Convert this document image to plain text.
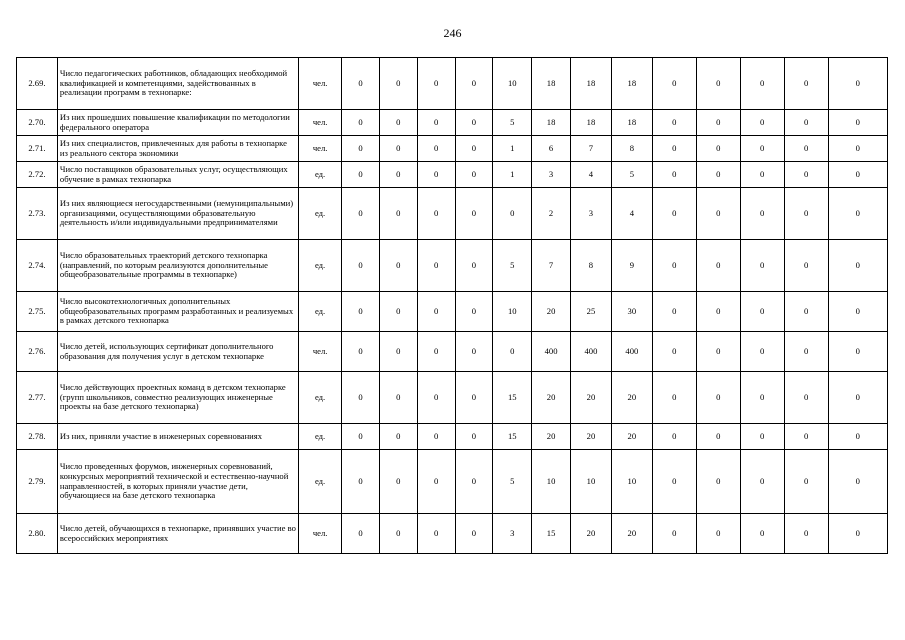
246
2.69.	Число педагогических работников, обладающих необходимой квалификацией и компетенциями, задействованных в реализации программ в технопарке:	чел.	0	0	0	0	10	18	18	18	0	0	0	0	0
2.70.	Из них прошедших повышение квалификации по методологии федерального оператора	чел.	0	0	0	0	5	18	18	18	0	0	0	0	0
2.71.	Из них специалистов, привлеченных для работы в технопарке из реального сектора экономики	чел.	0	0	0	0	1	6	7	8	0	0	0	0	0
2.72.	Число поставщиков образовательных услуг, осуществляющих обучение в рамках технопарка	ед.	0	0	0	0	1	3	4	5	0	0	0	0	0
2.73.	Из них являющиеся негосударственными (немуниципальными) организациями, осуществляющими образовательную деятельность и/или индивидуальными предпринимателями	ед.	0	0	0	0	0	2	3	4	0	0	0	0	0
2.74.	Число образовательных траекторий детского технопарка (направлений, по которым реализуются дополнительные общеобразовательные программы в технопарке)	ед.	0	0	0	0	5	7	8	9	0	0	0	0	0
2.75.	Число высокотехнологичных дополнительных общеобразовательных программ разработанных и реализуемых в рамках детского технопарка	ед.	0	0	0	0	10	20	25	30	0	0	0	0	0
2.76.	Число детей, использующих сертификат дополнительного образования для получения услуг в детском технопарке	чел.	0	0	0	0	0	400	400	400	0	0	0	0	0
2.77.	Число действующих проектных команд в детском технопарке (групп школьников, совместно реализующих инженерные проекты на базе детского технопарка)	ед.	0	0	0	0	15	20	20	20	0	0	0	0	0
2.78.	Из них, приняли участие в инженерных соревнованиях	ед.	0	0	0	0	15	20	20	20	0	0	0	0	0
2.79.	Число проведенных форумов, инженерных соревнований, конкурсных мероприятий технической и естественно-научной направленностей, в которых приняли участие дети, обучающиеся на базе детского технопарка	ед.	0	0	0	0	5	10	10	10	0	0	0	0	0
2.80.	Число детей, обучающихся в технопарке, принявших участие во всероссийских мероприятиях	чел.	0	0	0	0	3	15	20	20	0	0	0	0	0
